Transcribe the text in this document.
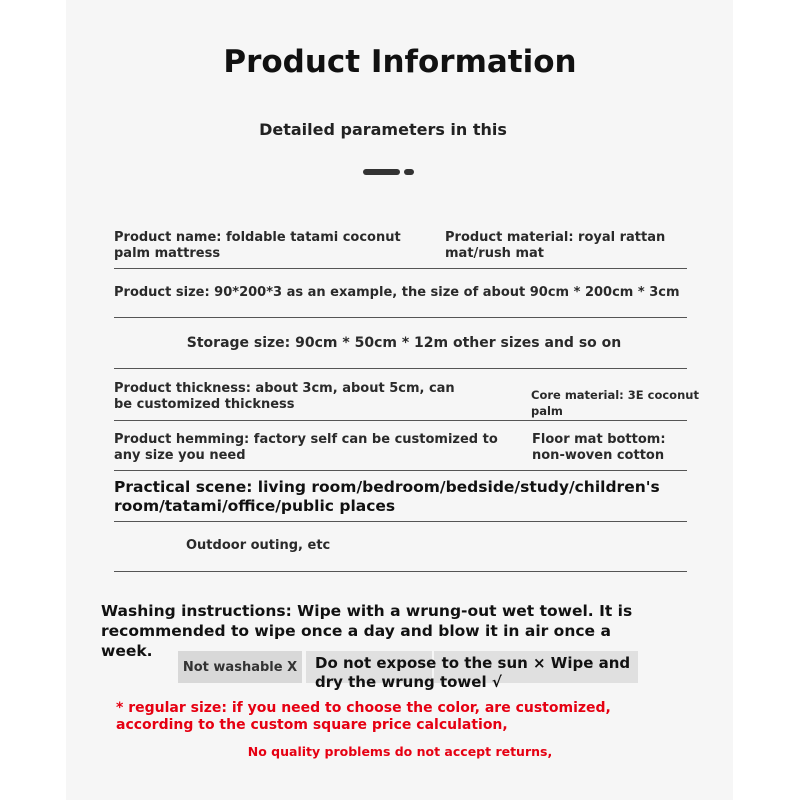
Product Information
Detailed parameters in this
Product name: foldable tatami coconut palm mattress
Product material: royal rattan mat/rush mat
Product size: 90*200*3 as an example, the size of about 90cm * 200cm * 3cm
Storage size: 90cm * 50cm * 12m other sizes and so on
Product thickness: about 3cm, about 5cm, can be customized thickness
Core material: 3E coconut palm
Product hemming: factory self can be customized to any size you need
Floor mat bottom: non-woven cotton
Practical scene: living room/bedroom/bedside/study/children's room/tatami/office/public places
Outdoor outing, etc
Washing instructions: Wipe with a wrung-out wet towel. It is recommended to wipe once a day and blow it in air once a week.
Not washable X Do not expose to the sun × Wipe and dry the wrung towel √
* regular size: if you need to choose the color, are customized, according to the custom square price calculation,
No quality problems do not accept returns,
